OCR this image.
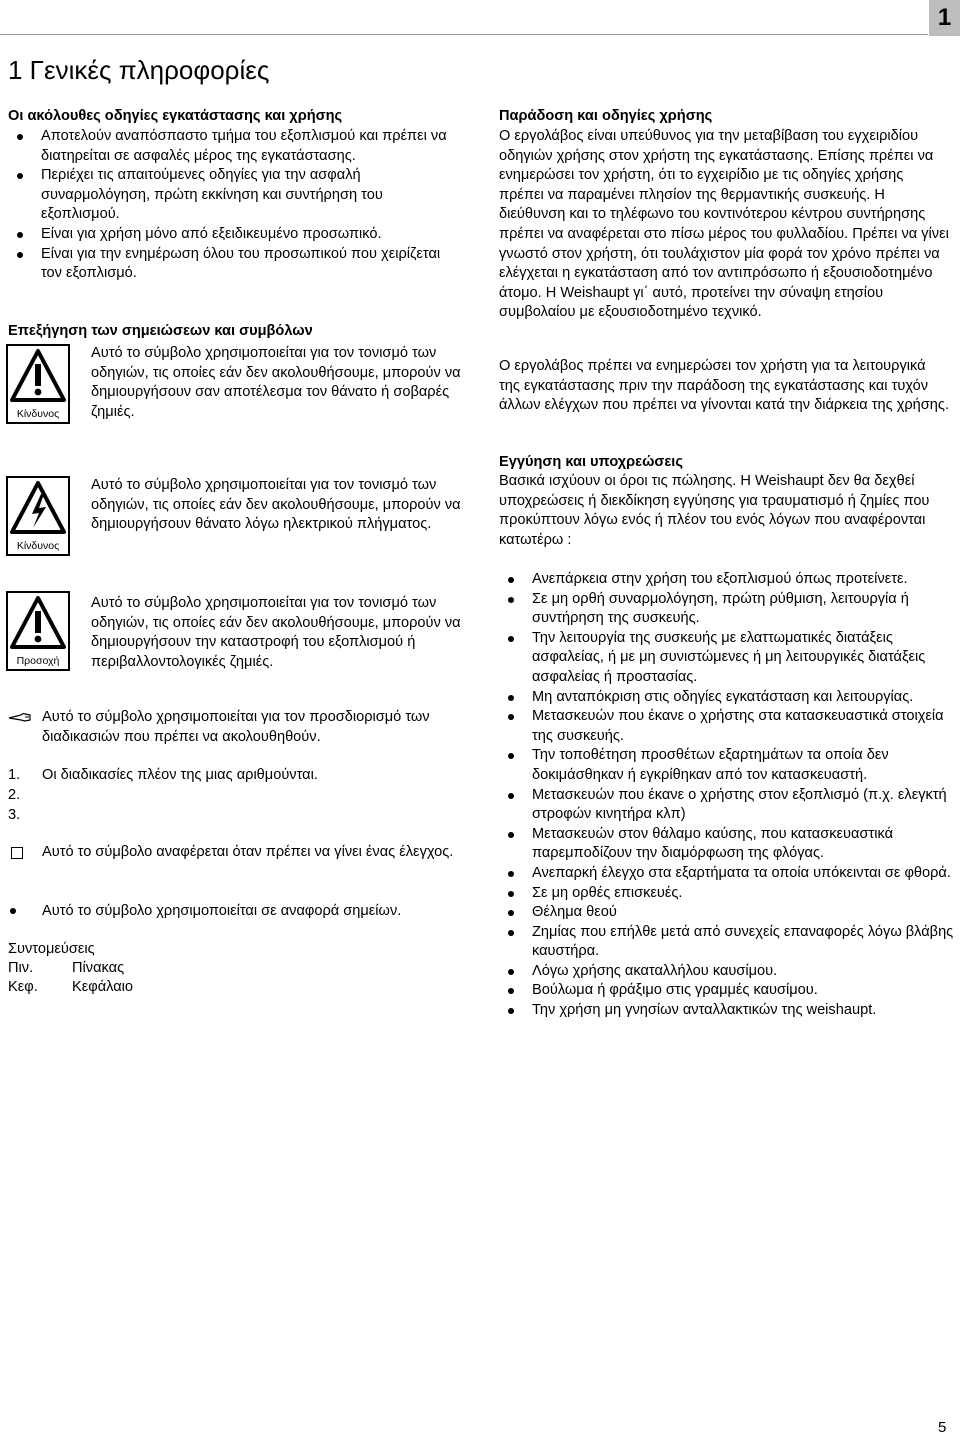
1
1 Γενικές πληροφορίες
Οι ακόλουθες οδηγίες εγκατάστασης και χρήσης
Αποτελούν αναπόσπαστο τμήμα του εξοπλισμού και πρέπει να διατηρείται σε ασφαλές μέρος της εγκατάστασης.
Περιέχει τις απαιτούμενες οδηγίες για την ασφαλή συναρμολόγηση, πρώτη εκκίνηση και συντήρηση του εξοπλισμού.
Είναι για χρήση μόνο από εξειδικευμένο προσωπικό.
Είναι για την ενημέρωση όλου του προσωπικού που χειρίζεται τον εξοπλισμό.
Επεξήγηση των σημειώσεων και συμβόλων
Κίνδυνος
Αυτό το σύμβολο χρησιμοποιείται για τον τονισμό των οδηγιών, τις οποίες εάν δεν ακολουθήσουμε, μπορούν να δημιουργήσουν σαν αποτέλεσμα τον θάνατο ή σοβαρές ζημιές.
Κίνδυνος
Αυτό το σύμβολο χρησιμοποιείται για τον τονισμό των οδηγιών, τις οποίες εάν δεν ακολουθήσουμε, μπορούν να δημιουργήσουν θάνατο λόγω ηλεκτρικού πλήγματος.
Προσοχή
Αυτό το σύμβολο χρησιμοποιείται για τον τονισμό των οδηγιών, τις οποίες εάν δεν ακολουθήσουμε, μπορούν να δημιουργήσουν την καταστροφή του εξοπλισμού ή περιβαλλοντολογικές ζημιές.
Αυτό το σύμβολο χρησιμοποιείται για τον προσδιορισμό των διαδικασιών που πρέπει να ακολουθηθούν.
1. Οι διαδικασίες πλέον της μιας αριθμούνται.
2.
3.
Αυτό το σύμβολο αναφέρεται όταν πρέπει να γίνει ένας έλεγχος.
Αυτό το σύμβολο χρησιμοποιείται σε αναφορά σημείων.
Συντομεύσεις
Πιν.	Πίνακας
Κεφ. Κεφάλαιο
Παράδοση και οδηγίες χρήσης
Ο εργολάβος είναι υπεύθυνος για την μεταβίβαση του εγχειριδίου οδηγιών χρήσης στον χρήστη της εγκατάστασης. Επίσης πρέπει να ενημερώσει τον χρήστη, ότι το εγχειρίδιο με τις οδηγίες χρήσης πρέπει να παραμένει πλησίον της θερμαντικής συσκευής. Η διεύθυνση και το τηλέφωνο του κοντινότερου κέντρου συντήρησης πρέπει να αναφέρεται στο πίσω μέρος του φυλλαδίου. Πρέπει να γίνει γνωστό στον χρήστη, ότι τουλάχιστον μία φορά τον χρόνο πρέπει να ελέγχεται η εγκατάσταση από τον αντιπρόσωπο ή εξουσιοδοτημένο άτομο. Η Weishaupt γι΄ αυτό, προτείνει την σύναψη ετησίου συμβολαίου με εξουσιοδοτημένο τεχνικό.
Ο εργολάβος πρέπει να ενημερώσει τον χρήστη για τα λειτουργικά της εγκατάστασης πριν την παράδοση της εγκατάστασης και τυχόν άλλων ελέγχων που πρέπει να γίνονται κατά την διάρκεια της χρήσης.
Εγγύηση και υποχρεώσεις
Βασικά ισχύουν οι όροι τις πώλησης. Η Weishaupt δεν θα δεχθεί υποχρεώσεις ή διεκδίκηση εγγύησης για τραυματισμό ή ζημίες που προκύπτουν λόγω ενός ή πλέον του ενός λόγων που αναφέρονται κατωτέρω :
Ανεπάρκεια στην χρήση του εξοπλισμού όπως προτείνετε.
Σε μη ορθή συναρμολόγηση, πρώτη ρύθμιση, λειτουργία ή συντήρηση της συσκευής.
Την λειτουργία της συσκευής με ελαττωματικές διατάξεις ασφαλείας, ή με μη συνιστώμενες ή μη λειτουργικές διατάξεις ασφαλείας ή προστασίας.
Μη ανταπόκριση στις οδηγίες εγκατάσταση και λειτουργίας.
Μετασκευών που έκανε ο χρήστης στα κατασκευαστικά στοιχεία της συσκευής.
Την τοποθέτηση προσθέτων εξαρτημάτων τα οποία δεν δοκιμάσθηκαν ή εγκρίθηκαν από τον κατασκευαστή.
Μετασκευών που έκανε ο χρήστης στον εξοπλισμό (π.χ. ελεγκτή στροφών κινητήρα κλπ)
Μετασκευών στον θάλαμο καύσης, που κατασκευαστικά παρεμπoδίζουν την διαμόρφωση της φλόγας.
Ανεπαρκή έλεγχο στα εξαρτήματα τα οποία υπόκεινται σε φθορά.
Σε μη ορθές επισκευές.
Θέλημα θεού
Ζημίας που επήλθε μετά από συνεχείς επαναφορές λόγω βλάβης καυστήρα.
Λόγω χρήσης ακαταλλήλου καυσίμου.
Βούλωμα ή φράξιμο στις γραμμές καυσίμου.
Την χρήση μη γνησίων ανταλλακτικών της weishaupt.
5
